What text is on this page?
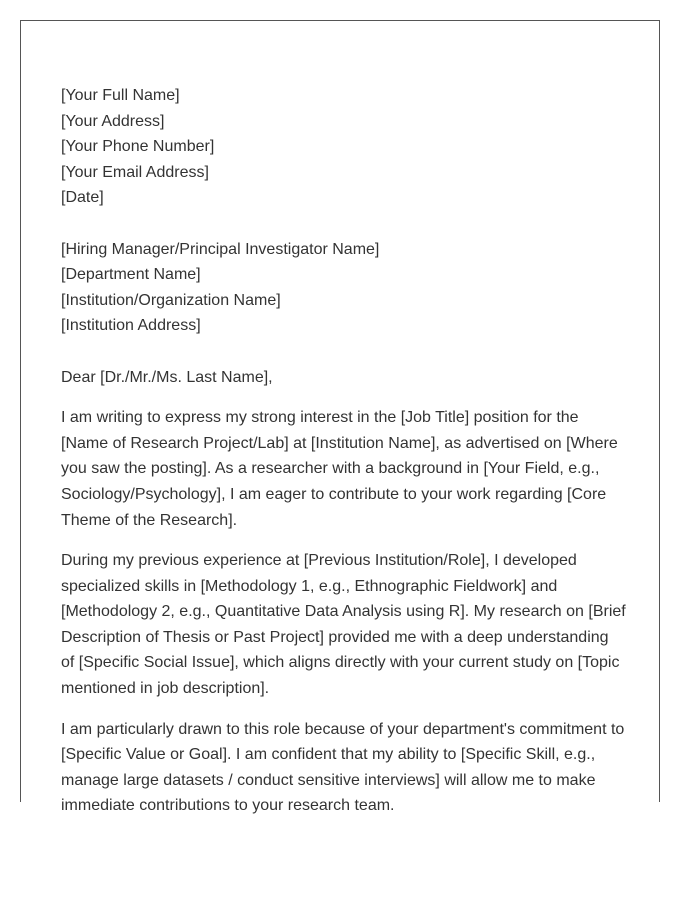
[Your Full Name]
[Your Address]
[Your Phone Number]
[Your Email Address]
[Date]
[Hiring Manager/Principal Investigator Name]
[Department Name]
[Institution/Organization Name]
[Institution Address]

Dear [Dr./Mr./Ms. Last Name],

I am writing to express my strong interest in the [Job Title] position for the [Name of Research Project/Lab] at [Institution Name], as advertised on [Where you saw the posting]. As a researcher with a background in [Your Field, e.g., Sociology/Psychology], I am eager to contribute to your work regarding [Core Theme of the Research].

During my previous experience at [Previous Institution/Role], I developed specialized skills in [Methodology 1, e.g., Ethnographic Fieldwork] and [Methodology 2, e.g., Quantitative Data Analysis using R]. My research on [Brief Description of Thesis or Past Project] provided me with a deep understanding of [Specific Social Issue], which aligns directly with your current study on [Topic mentioned in job description].

I am particularly drawn to this role because of your department's commitment to [Specific Value or Goal]. I am confident that my ability to [Specific Skill, e.g., manage large datasets / conduct sensitive interviews] will allow me to make immediate contributions to your research team.
